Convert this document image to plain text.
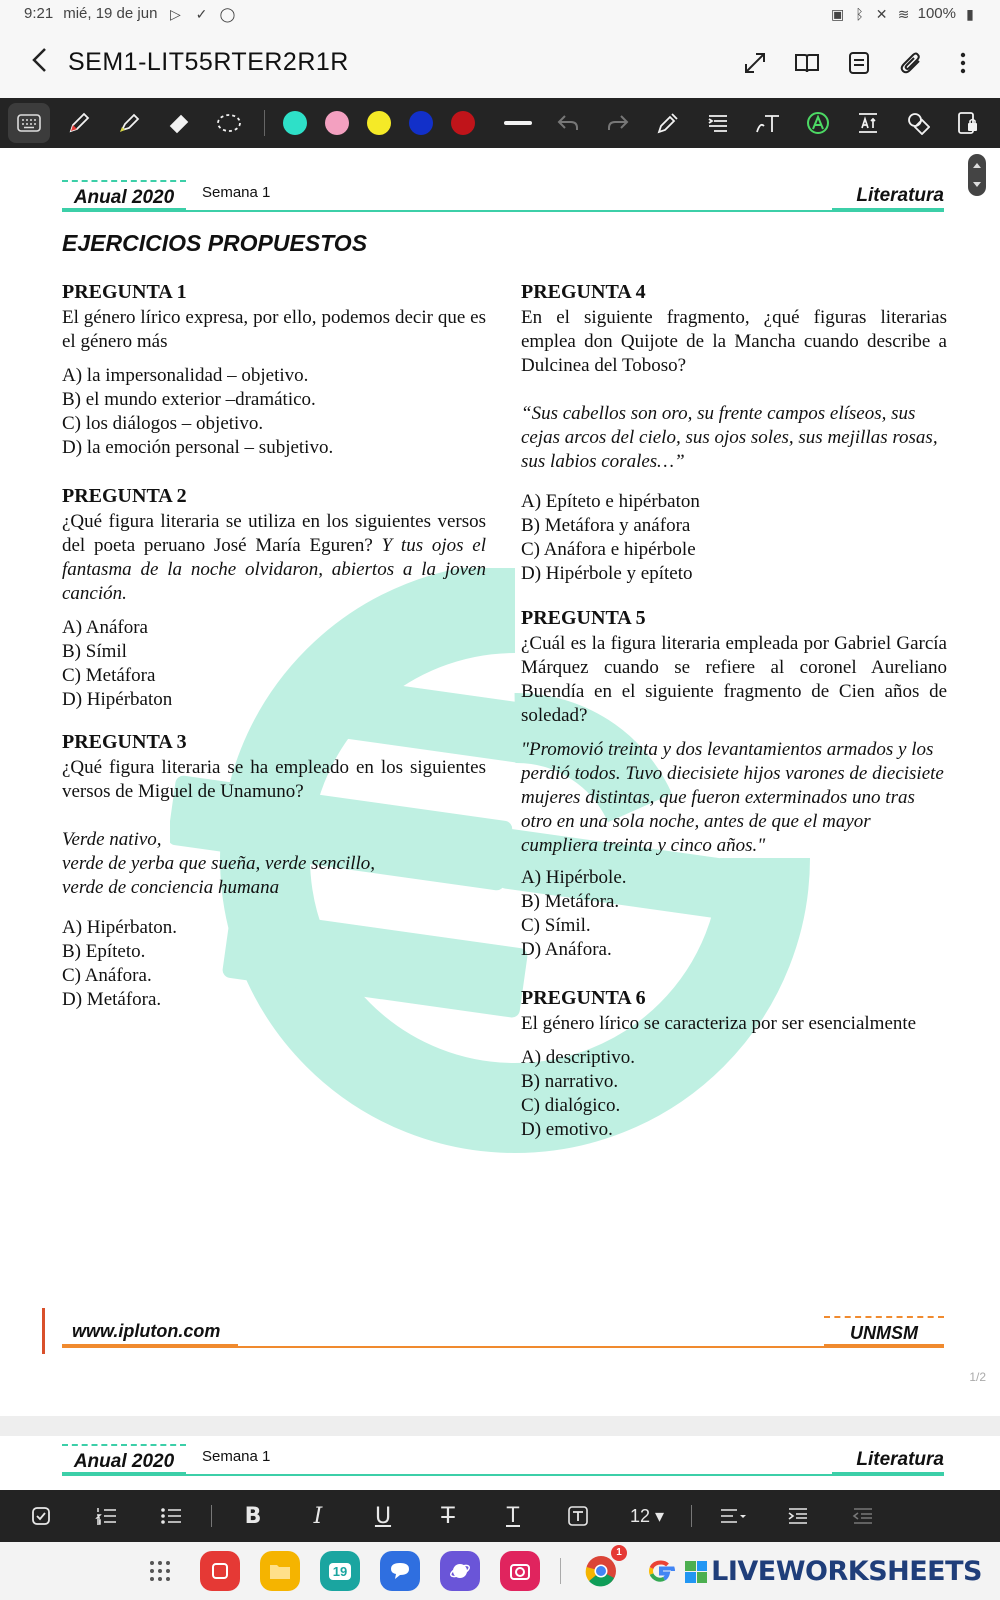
9:21 mié, 19 de jun ▷ ✓ ◯	▣ ᛒ ✕ ≋ 100% ▮
SEM1-LIT55RTER2R1R
Anual 2020	Semana 1	Literatura
EJERCICIOS PROPUESTOS
PREGUNTA 1
El género lírico expresa, por ello, podemos decir que es el género más
A) la impersonalidad – objetivo.
B) el mundo exterior –dramático.
C) los diálogos – objetivo.
D) la emoción personal – subjetivo.
PREGUNTA 2
¿Qué figura literaria se utiliza en los siguientes versos del poeta peruano José María Eguren? Y tus ojos el fantasma de la noche olvidaron, abiertos a la joven canción.
A) Anáfora
B) Símil
C) Metáfora
D) Hipérbaton
PREGUNTA 3
¿Qué figura literaria se ha empleado en los siguientes versos de Miguel de Unamuno?
Verde nativo,
verde de yerba que sueña, verde sencillo,
verde de conciencia humana
A) Hipérbaton.
B) Epíteto.
C) Anáfora.
D) Metáfora.
PREGUNTA 4
En el siguiente fragmento, ¿qué figuras literarias emplea don Quijote de la Mancha cuando describe a Dulcinea del Toboso?
“Sus cabellos son oro, su frente campos elíseos, sus cejas arcos del cielo, sus ojos soles, sus mejillas rosas, sus labios corales…”
A) Epíteto e hipérbaton
B) Metáfora y anáfora
C) Anáfora e hipérbole
D) Hipérbole y epíteto
PREGUNTA 5
¿Cuál es la figura literaria empleada por Gabriel García Márquez cuando se refiere al coronel Aureliano Buendía en el siguiente fragmento de Cien años de soledad?
"Promovió treinta y dos levantamientos armados y los perdió todos. Tuvo diecisiete hijos varones de diecisiete mujeres distintas, que fueron exterminados uno tras otro en una sola noche, antes de que el mayor cumpliera treinta y cinco años."
A) Hipérbole.
B) Metáfora.
C) Símil.
D) Anáfora.
PREGUNTA 6
El género lírico se caracteriza por ser esencialmente
A) descriptivo.
B) narrativo.
C) dialógico.
D) emotivo.
www.ipluton.com	UNMSM
1/2
Anual 2020	Semana 1	Literatura
B	I	U	T	T	12 ▾
19
1
LIVEWORKSHEETS
